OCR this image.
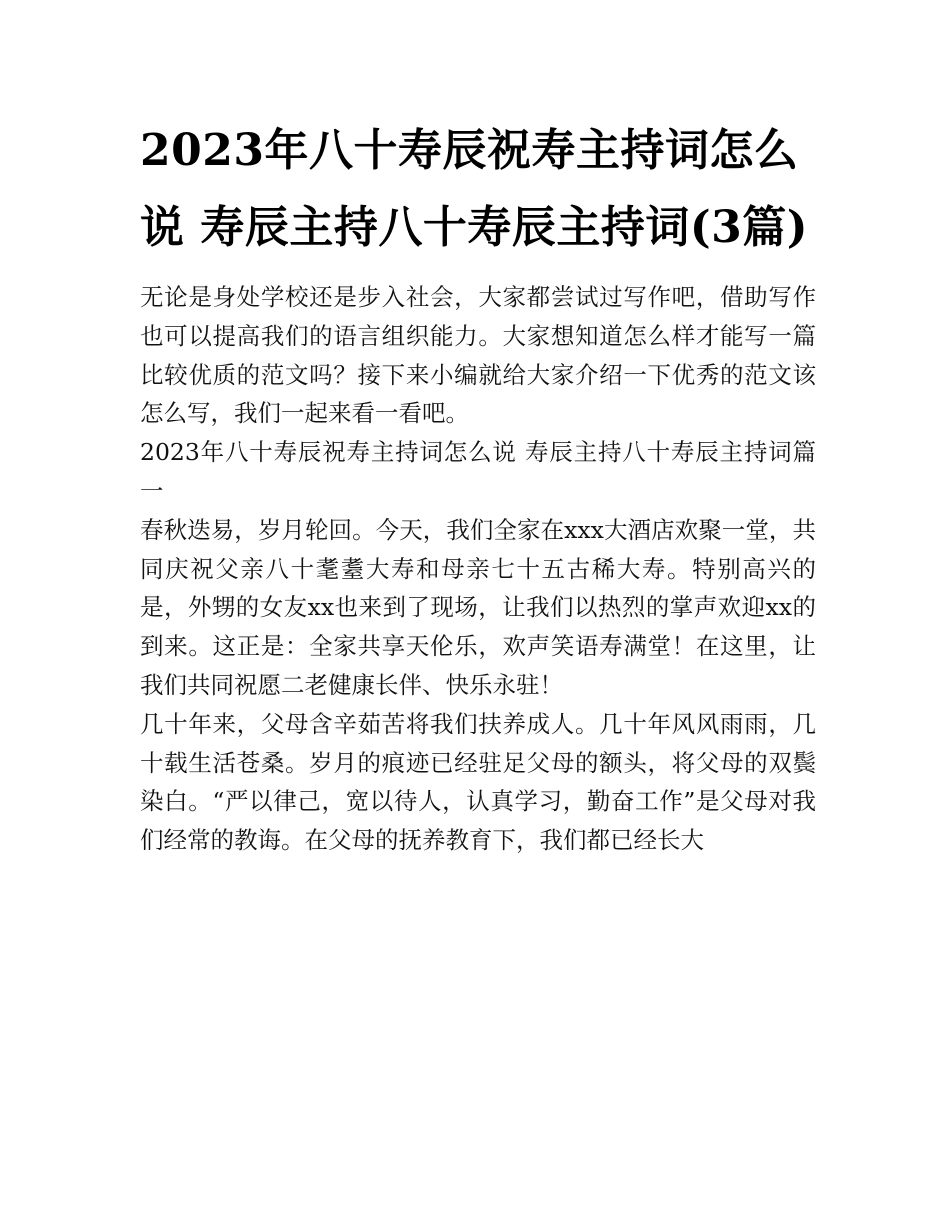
2023年八十寿辰祝寿主持词怎么说 寿辰主持八十寿辰主持词(3篇)

无论是身处学校还是步入社会，大家都尝试过写作吧，借助写作也可以提高我们的语言组织能力。大家想知道怎么样才能写一篇比较优质的范文吗？接下来小编就给大家介绍一下优秀的范文该怎么写，我们一起来看一看吧。

2023年八十寿辰祝寿主持词怎么说 寿辰主持八十寿辰主持词篇一

春秋迭易，岁月轮回。今天，我们全家在xxx大酒店欢聚一堂，共同庆祝父亲八十耄耋大寿和母亲七十五古稀大寿。特别高兴的是，外甥的女友xx也来到了现场，让我们以热烈的掌声欢迎xx的到来。这正是：全家共享天伦乐，欢声笑语寿满堂！在这里，让我们共同祝愿二老健康长伴、快乐永驻！

几十年来，父母含辛茹苦将我们扶养成人。几十年风风雨雨，几十载生活苍桑。岁月的痕迹已经驻足父母的额头，将父母的双鬓染白。“严以律己，宽以待人，认真学习，勤奋工作”是父母对我们经常的教诲。在父母的抚养教育下，我们都已经长大
